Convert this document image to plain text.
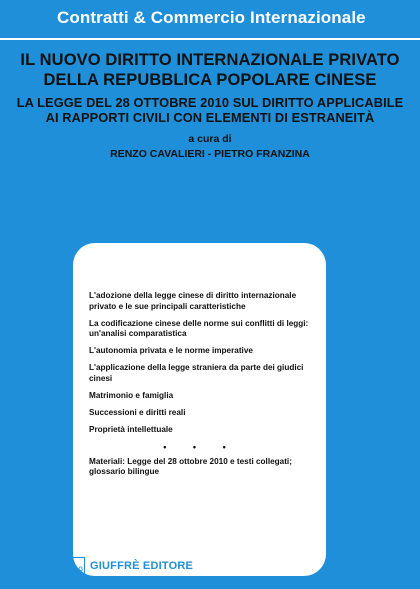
Contratti & Commercio Internazionale
IL NUOVO DIRITTO INTERNAZIONALE PRIVATO
DELLA REPUBBLICA POPOLARE CINESE
LA LEGGE DEL 28 OTTOBRE 2010 SUL DIRITTO APPLICABILE
AI RAPPORTI CIVILI CON ELEMENTI DI ESTRANEITÀ
a cura di
RENZO CAVALIERI - PIETRO FRANZINA
L'adozione della legge cinese di diritto internazionale privato e le sue principali caratteristiche
La codificazione cinese delle norme sui conflitti di leggi: un'analisi comparatistica
L'autonomia privata e le norme imperative
L'applicazione della legge straniera da parte dei giudici cinesi
Matrimonio e famiglia
Successioni e diritti reali
Proprietà intellettuale
• • •
Materiali: Legge del 28 ottobre 2010 e testi collegati; glossario bilingue
AG GIUFFRÈ EDITORE
